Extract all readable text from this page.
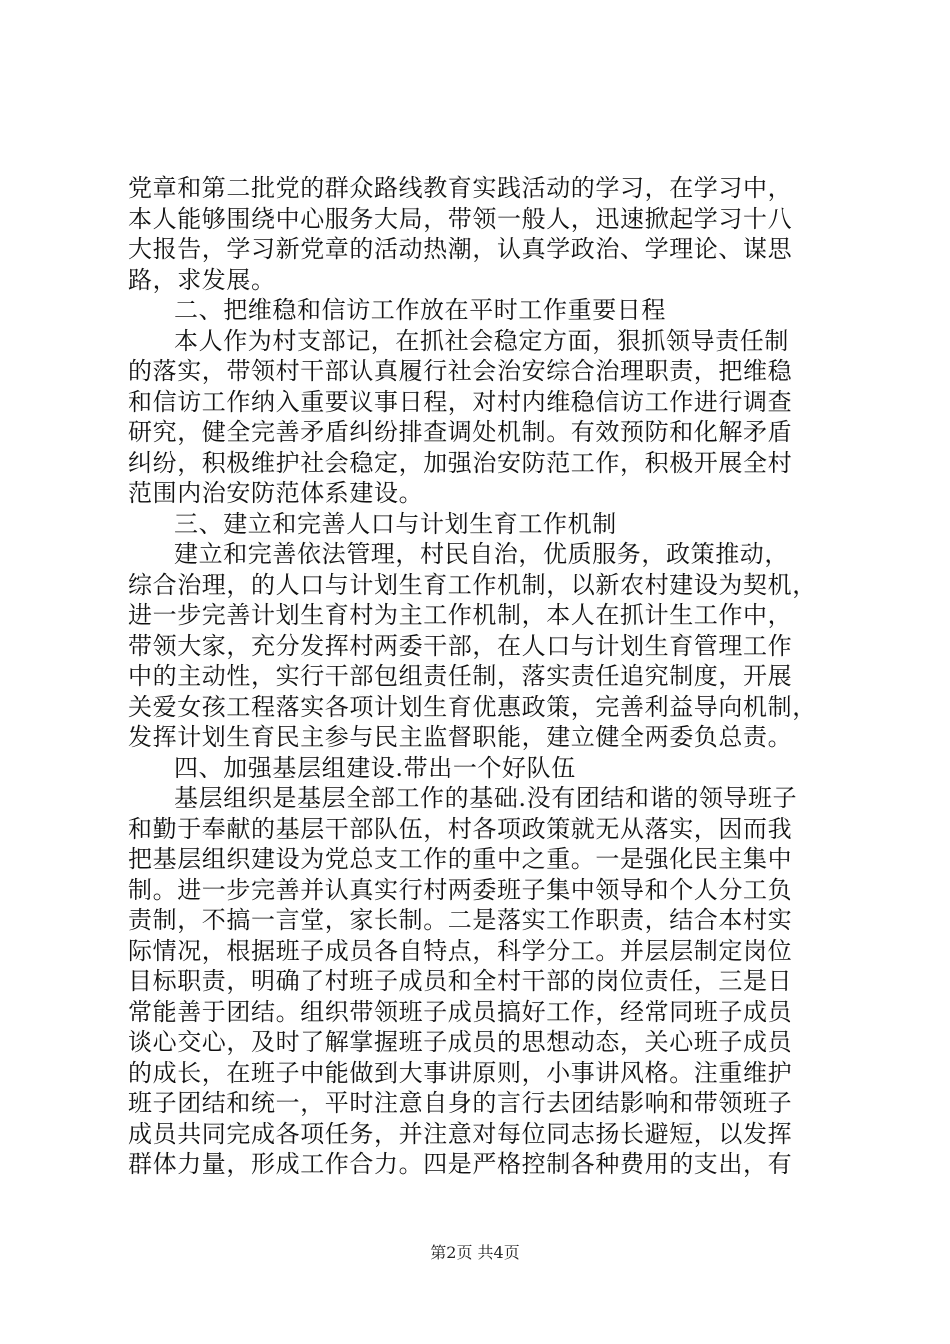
党章和第二批党的群众路线教育实践活动的学习，在学习中，
本人能够围绕中心服务大局，带领一般人，迅速掀起学习十八
大报告，学习新党章的活动热潮，认真学政治、学理论、谋思
路，求发展。
二、把维稳和信访工作放在平时工作重要日程
本人作为村支部记，在抓社会稳定方面，狠抓领导责任制
的落实，带领村干部认真履行社会治安综合治理职责，把维稳
和信访工作纳入重要议事日程，对村内维稳信访工作进行调查
研究，健全完善矛盾纠纷排查调处机制。有效预防和化解矛盾
纠纷，积极维护社会稳定，加强治安防范工作，积极开展全村
范围内治安防范体系建设。
三、建立和完善人口与计划生育工作机制
建立和完善依法管理，村民自治，优质服务，政策推动，
综合治理，的人口与计划生育工作机制，以新农村建设为契机，
进一步完善计划生育村为主工作机制，本人在抓计生工作中，
带领大家，充分发挥村两委干部，在人口与计划生育管理工作
中的主动性，实行干部包组责任制，落实责任追究制度，开展
关爱女孩工程落实各项计划生育优惠政策，完善利益导向机制，
发挥计划生育民主参与民主监督职能，建立健全两委负总责。
四、加强基层组建设.带出一个好队伍
基层组织是基层全部工作的基础.没有团结和谐的领导班子
和勤于奉献的基层干部队伍，村各项政策就无从落实，因而我
把基层组织建设为党总支工作的重中之重。一是强化民主集中
制。进一步完善并认真实行村两委班子集中领导和个人分工负
责制，不搞一言堂，家长制。二是落实工作职责，结合本村实
际情况，根据班子成员各自特点，科学分工。并层层制定岗位
目标职责，明确了村班子成员和全村干部的岗位责任，三是日
常能善于团结。组织带领班子成员搞好工作，经常同班子成员
谈心交心，及时了解掌握班子成员的思想动态，关心班子成员
的成长，在班子中能做到大事讲原则，小事讲风格。注重维护
班子团结和统一，平时注意自身的言行去团结影响和带领班子
成员共同完成各项任务，并注意对每位同志扬长避短，以发挥
群体力量，形成工作合力。四是严格控制各种费用的支出，有
第2页 共4页
